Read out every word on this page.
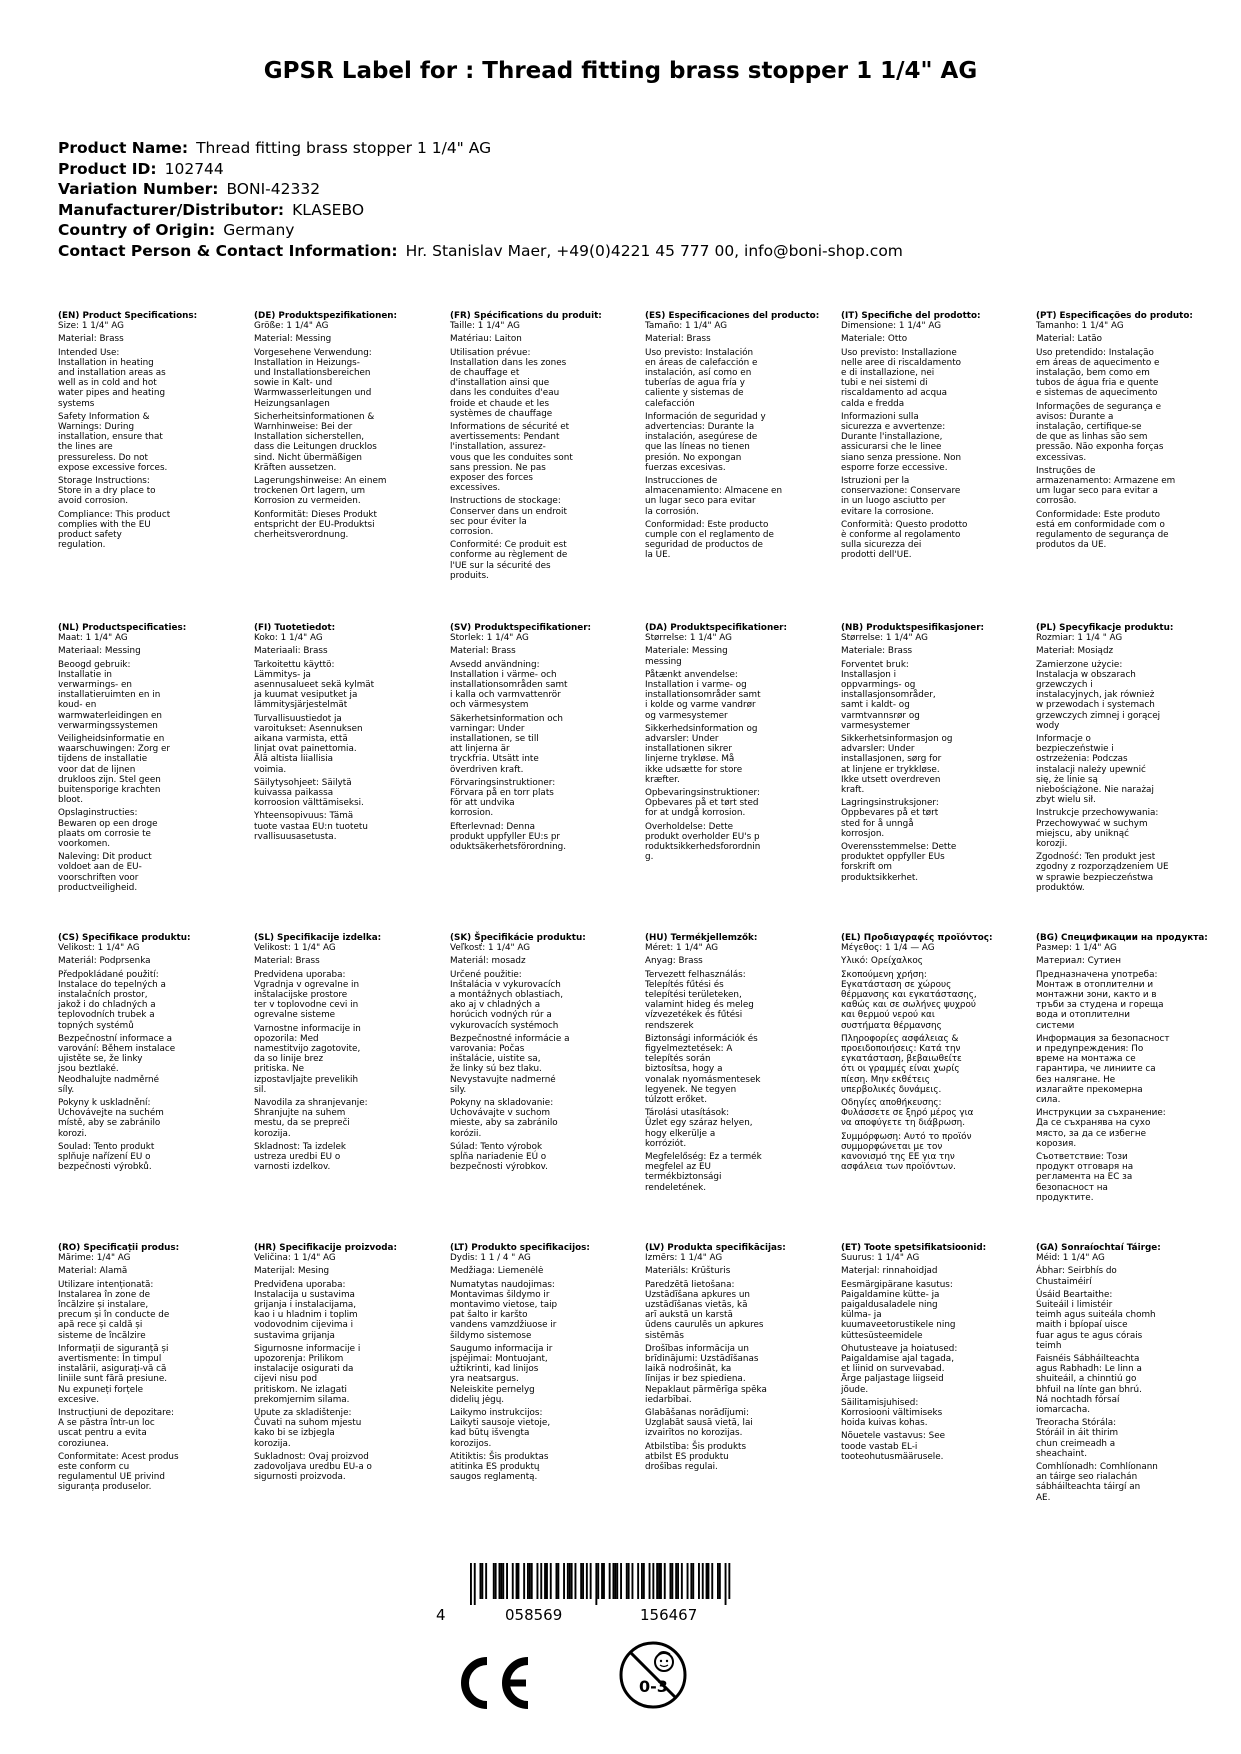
GPSR Label for : Thread fitting brass stopper 1 1/4" AG
Product Name: Thread fitting brass stopper 1 1/4" AG
Product ID: 102744
Variation Number: BONI-42332
Manufacturer/Distributor: KLASEBO
Country of Origin: Germany
Contact Person & Contact Information: Hr. Stanislav Maer, +49(0)4221 45 777 00, info@boni-shop.com
(EN) Product Specifications:
Size: 1 1/4" AG
Material: Brass
Intended Use:
Installation in heating
and installation areas as
well as in cold and hot
water pipes and heating
systems
Safety Information &
Warnings: During
installation, ensure that
the lines are
pressureless. Do not
expose excessive forces.
Storage Instructions:
Store in a dry place to
avoid corrosion.
Compliance: This product
complies with the EU
product safety
regulation.
(DE) Produktspezifikationen:
Größe: 1 1/4" AG
Material: Messing
Vorgesehene Verwendung:
Installation in Heizungs-
und Installationsbereichen
sowie in Kalt- und
Warmwasserleitungen und
Heizungsanlagen
Sicherheitsinformationen &
Warnhinweise: Bei der
Installation sicherstellen,
dass die Leitungen drucklos
sind. Nicht übermäßigen
Kräften aussetzen.
Lagerungshinweise: An einem
trockenen Ort lagern, um
Korrosion zu vermeiden.
Konformität: Dieses Produkt
entspricht der EU-Produktsi
cherheitsverordnung.
(FR) Spécifications du produit:
Taille: 1 1/4" AG
Matériau: Laiton
Utilisation prévue:
Installation dans les zones
de chauffage et
d'installation ainsi que
dans les conduites d'eau
froide et chaude et les
systèmes de chauffage
Informations de sécurité et
avertissements: Pendant
l'installation, assurez-
vous que les conduites sont
sans pression. Ne pas
exposer des forces
excessives.
Instructions de stockage:
Conserver dans un endroit
sec pour éviter la
corrosion.
Conformité: Ce produit est
conforme au règlement de
l'UE sur la sécurité des
produits.
(ES) Especificaciones del producto:
Tamaño: 1 1/4" AG
Material: Brass
Uso previsto: Instalación
en áreas de calefacción e
instalación, así como en
tuberías de agua fría y
caliente y sistemas de
calefacción
Información de seguridad y
advertencias: Durante la
instalación, asegúrese de
que las líneas no tienen
presión. No expongan
fuerzas excesivas.
Instrucciones de
almacenamiento: Almacene en
un lugar seco para evitar
la corrosión.
Conformidad: Este producto
cumple con el reglamento de
seguridad de productos de
la UE.
(IT) Specifiche del prodotto:
Dimensione: 1 1/4" AG
Materiale: Otto
Uso previsto: Installazione
nelle aree di riscaldamento
e di installazione, nei
tubi e nei sistemi di
riscaldamento ad acqua
calda e fredda
Informazioni sulla
sicurezza e avvertenze:
Durante l'installazione,
assicurarsi che le linee
siano senza pressione. Non
esporre forze eccessive.
Istruzioni per la
conservazione: Conservare
in un luogo asciutto per
evitare la corrosione.
Conformità: Questo prodotto
è conforme al regolamento
sulla sicurezza dei
prodotti dell'UE.
(PT) Especificações do produto:
Tamanho: 1 1/4" AG
Material: Latão
Uso pretendido: Instalação
em áreas de aquecimento e
instalação, bem como em
tubos de água fria e quente
e sistemas de aquecimento
Informações de segurança e
avisos: Durante a
instalação, certifique-se
de que as linhas são sem
pressão. Não exponha forças
excessivas.
Instruções de
armazenamento: Armazene em
um lugar seco para evitar a
corrosão.
Conformidade: Este produto
está em conformidade com o
regulamento de segurança de
produtos da UE.
(NL) Productspecificaties:
Maat: 1 1/4" AG
Materiaal: Messing
Beoogd gebruik:
Installatie in
verwarmings- en
installatieruimten en in
koud- en
warmwaterleidingen en
verwarmingssystemen
Veiligheidsinformatie en
waarschuwingen: Zorg er
tijdens de installatie
voor dat de lijnen
drukloos zijn. Stel geen
buitensporige krachten
bloot.
Opslaginstructies:
Bewaren op een droge
plaats om corrosie te
voorkomen.
Naleving: Dit product
voldoet aan de EU-
voorschriften voor
productveiligheid.
(FI) Tuotetiedot:
Koko: 1 1/4" AG
Materiaali: Brass
Tarkoitettu käyttö:
Lämmitys- ja
asennusalueet sekä kylmät
ja kuumat vesiputket ja
lämmitysjärjestelmät
Turvallisuustiedot ja
varoitukset: Asennuksen
aikana varmista, että
linjat ovat painettomia.
Älä altista liiallisia
voimia.
Säilytysohjeet: Säilytä
kuivassa paikassa
korroosion välttämiseksi.
Yhteensopivuus: Tämä
tuote vastaa EU:n tuotetu
rvallisuusasetusta.
(SV) Produktspecifikationer:
Storlek: 1 1/4" AG
Material: Brass
Avsedd användning:
Installation i värme- och
installationsområden samt
i kalla och varmvattenrör
och värmesystem
Säkerhetsinformation och
varningar: Under
installationen, se till
att linjerna är
tryckfria. Utsätt inte
överdriven kraft.
Förvaringsinstruktioner:
Förvara på en torr plats
för att undvika
korrosion.
Efterlevnad: Denna
produkt uppfyller EU:s pr
oduktsäkerhetsförordning.
(DA) Produktspecifikationer:
Størrelse: 1 1/4" AG
Materiale: Messing
messing
Påtænkt anvendelse:
Installation i varme- og
installationsområder samt
i kolde og varme vandrør
og varmesystemer
Sikkerhedsinformation og
advarsler: Under
installationen sikrer
linjerne trykløse. Må
ikke udsætte for store
kræfter.
Opbevaringsinstruktioner:
Opbevares på et tørt sted
for at undgå korrosion.
Overholdelse: Dette
produkt overholder EU's p
roduktsikkerhedsforordnin
g.
(NB) Produktspesifikasjoner:
Størrelse: 1 1/4" AG
Materiale: Brass
Forventet bruk:
Installasjon i
oppvarmings- og
installasjonsområder,
samt i kaldt- og
varmtvannsrør og
varmesystemer
Sikkerhetsinformasjon og
advarsler: Under
installasjonen, sørg for
at linjene er trykkløse.
Ikke utsett overdreven
kraft.
Lagringsinstruksjoner:
Oppbevares på et tørt
sted for å unngå
korrosjon.
Overensstemmelse: Dette
produktet oppfyller EUs
forskrift om
produktsikkerhet.
(PL) Specyfikacje produktu:
Rozmiar: 1 1/4 " AG
Materiał: Mosiądz
Zamierzone użycie:
Instalacja w obszarach
grzewczych i
instalacyjnych, jak również
w przewodach i systemach
grzewczych zimnej i gorącej
wody
Informacje o
bezpieczeństwie i
ostrzeżenia: Podczas
instalacji należy upewnić
się, że linie są
niebościążone. Nie narażaj
zbyt wielu sił.
Instrukcje przechowywania:
Przechowywać w suchym
miejscu, aby uniknąć
korozji.
Zgodność: Ten produkt jest
zgodny z rozporządzeniem UE
w sprawie bezpieczeństwa
produktów.
(CS) Specifikace produktu:
Velikost: 1 1/4" AG
Materiál: Podprsenka
Předpokládané použití:
Instalace do tepelných a
instalačních prostor,
jakož i do chladných a
teplovodních trubek a
topných systémů
Bezpečnostní informace a
varování: Během instalace
ujistěte se, že linky
jsou beztlaké.
Neodhalujte nadměrné
síly.
Pokyny k uskladnění:
Uchovávejte na suchém
místě, aby se zabránilo
korozi.
Soulad: Tento produkt
splňuje nařízení EU o
bezpečnosti výrobků.
(SL) Specifikacije izdelka:
Velikost: 1 1/4" AG
Material: Brass
Predvidena uporaba:
Vgradnja v ogrevalne in
inštalacijske prostore
ter v toplovodne cevi in
ogrevalne sisteme
Varnostne informacije in
opozorila: Med
namestitvijo zagotovite,
da so linije brez
pritiska. Ne
izpostavljajte prevelikih
sil.
Navodila za shranjevanje:
Shranjujte na suhem
mestu, da se prepreči
korozija.
Skladnost: Ta izdelek
ustreza uredbi EU o
varnosti izdelkov.
(SK) Špecifikácie produktu:
Veľkosť: 1 1/4" AG
Materiál: mosadz
Určené použitie:
Inštalácia v vykurovacích
a montážnych oblastiach,
ako aj v chladných a
horúcich vodných rúr a
vykurovacích systémoch
Bezpečnostné informácie a
varovania: Počas
inštalácie, uistite sa,
že linky sú bez tlaku.
Nevystavujte nadmerné
sily.
Pokyny na skladovanie:
Uchovávajte v suchom
mieste, aby sa zabránilo
korózii.
Súlad: Tento výrobok
spĺňa nariadenie EÚ o
bezpečnosti výrobkov.
(HU) Termékjellemzők:
Méret: 1 1/4" AG
Anyag: Brass
Tervezett felhasználás:
Telepítés fűtési és
telepítési területeken,
valamint hideg és meleg
vízvezetékek és fűtési
rendszerek
Biztonsági információk és
figyelmeztetések: A
telepítés során
biztosítsa, hogy a
vonalak nyomásmentesek
legyenek. Ne tegyen
túlzott erőket.
Tárolási utasítások:
Üzlet egy száraz helyen,
hogy elkerülje a
korróziót.
Megfelelőség: Ez a termék
megfelel az EU
termékbiztonsági
rendeletének.
(EL) Προδιαγραφές προϊόντος:
Μέγεθος: 1 1/4 — AG
Υλικό: Ορείχαλκος
Σκοπούμενη χρήση:
Εγκατάσταση σε χώρους
θέρμανσης και εγκατάστασης,
καθώς και σε σωλήνες ψυχρού
και θερμού νερού και
συστήματα θέρμανσης
Πληροφορίες ασφάλειας &
προειδοποιήσεις: Κατά την
εγκατάσταση, βεβαιωθείτε
ότι οι γραμμές είναι χωρίς
πίεση. Μην εκθέτεις
υπερβολικές δυνάμεις.
Οδηγίες αποθήκευσης:
Φυλάσσετε σε ξηρό μέρος για
να αποφύγετε τη διάβρωση.
Συμμόρφωση: Αυτό το προϊόν
συμμορφώνεται με τον
κανονισμό της ΕΕ για την
ασφάλεια των προϊόντων.
(BG) Спецификации на продукта:
Размер: 1 1/4" AG
Материал: Сутиен
Предназначена употреба:
Монтаж в отоплителни и
монтажни зони, както и в
тръби за студена и гореща
вода и отоплителни
системи
Информация за безопасност
и предупреждения: По
време на монтажа се
гарантира, че линиите са
без налягане. Не
излагайте прекомерна
сила.
Инструкции за съхранение:
Да се съхранява на сухо
място, за да се избегне
корозия.
Съответствие: Този
продукт отговаря на
регламента на ЕС за
безопасност на
продуктите.
(RO) Specificații produs:
Mărime: 1/4" AG
Material: Alamă
Utilizare intenționată:
Instalarea în zone de
încălzire și instalare,
precum și în conducte de
apă rece și caldă și
sisteme de încălzire
Informații de siguranță și
avertismente: În timpul
instalării, asigurați-vă că
liniile sunt fără presiune.
Nu expuneți forțele
excesive.
Instrucțiuni de depozitare:
A se păstra într-un loc
uscat pentru a evita
coroziunea.
Conformitate: Acest produs
este conform cu
regulamentul UE privind
siguranța produselor.
(HR) Specifikacije proizvoda:
Veličina: 1 1/4" AG
Materijal: Mesing
Predviđena uporaba:
Instalacija u sustavima
grijanja i instalacijama,
kao i u hladnim i toplim
vodovodnim cijevima i
sustavima grijanja
Sigurnosne informacije i
upozorenja: Prilikom
instalacije osigurati da
cijevi nisu pod
pritiskom. Ne izlagati
prekomjernim silama.
Upute za skladištenje:
Čuvati na suhom mjestu
kako bi se izbjegla
korozija.
Sukladnost: Ovaj proizvod
zadovoljava uredbu EU-a o
sigurnosti proizvoda.
(LT) Produkto specifikacijos:
Dydis: 1 1 / 4 " AG
Medžiaga: Liemenėlė
Numatytas naudojimas:
Montavimas šildymo ir
montavimo vietose, taip
pat šalto ir karšto
vandens vamzdžiuose ir
šildymo sistemose
Saugumo informacija ir
įspėjimai: Montuojant,
užtikrinti, kad linijos
yra neatsargus.
Neleiskite pernelyg
didelių jėgų.
Laikymo instrukcijos:
Laikyti sausoje vietoje,
kad būtų išvengta
korozijos.
Atitiktis: Šis produktas
atitinka ES produktų
saugos reglamentą.
(LV) Produkta specifikācijas:
Izmērs: 1 1/4" AG
Materiāls: Krūšturis
Paredzētā lietošana:
Uzstādīšana apkures un
uzstādīšanas vietās, kā
arī aukstā un karstā
ūdens caurulēs un apkures
sistēmās
Drošības informācija un
brīdinājumi: Uzstādīšanas
laikā nodrošināt, ka
līnijas ir bez spiediena.
Nepaklaut pārmērīga spēka
iedarbībai.
Glabāšanas norādījumi:
Uzglabāt sausā vietā, lai
izvairītos no korozijas.
Atbilstība: Šis produkts
atbilst ES produktu
drošības regulai.
(ET) Toote spetsifikatsioonid:
Suurus: 1 1/4" AG
Materjal: rinnahoidjad
Eesmärgipärane kasutus:
Paigaldamine kütte- ja
paigaldusaladele ning
külma- ja
kuumaveetorustikele ning
küttesüsteemidele
Ohutusteave ja hoiatused:
Paigaldamise ajal tagada,
et liinid on survevabad.
Ärge paljastage liigseid
jõude.
Säilitamisjuhised:
Korrosiooni vältimiseks
hoida kuivas kohas.
Nõuetele vastavus: See
toode vastab EL-i
tooteohutusmäärusele.
(GA) Sonraíochtaí Táirge:
Méid: 1 1/4" AG
Ábhar: Seirbhís do
Chustaiméirí
Úsáid Beartaithe:
Suiteáil i limistéir
teimh agus suiteála chomh
maith i bpíopaí uisce
fuar agus te agus córais
teimh
Faisnéis Sábháilteachta
agus Rabhadh: Le linn a
shuiteáil, a chinntiú go
bhfuil na línte gan bhrú.
Ná nochtadh fórsaí
iomarcacha.
Treoracha Stórála:
Stóráil in áit thirim
chun creimeadh a
sheachaint.
Comhlíonadh: Comhlíonann
an táirge seo rialachán
sábháilteachta táirgí an
AE.
4	058569	156467
0-3
